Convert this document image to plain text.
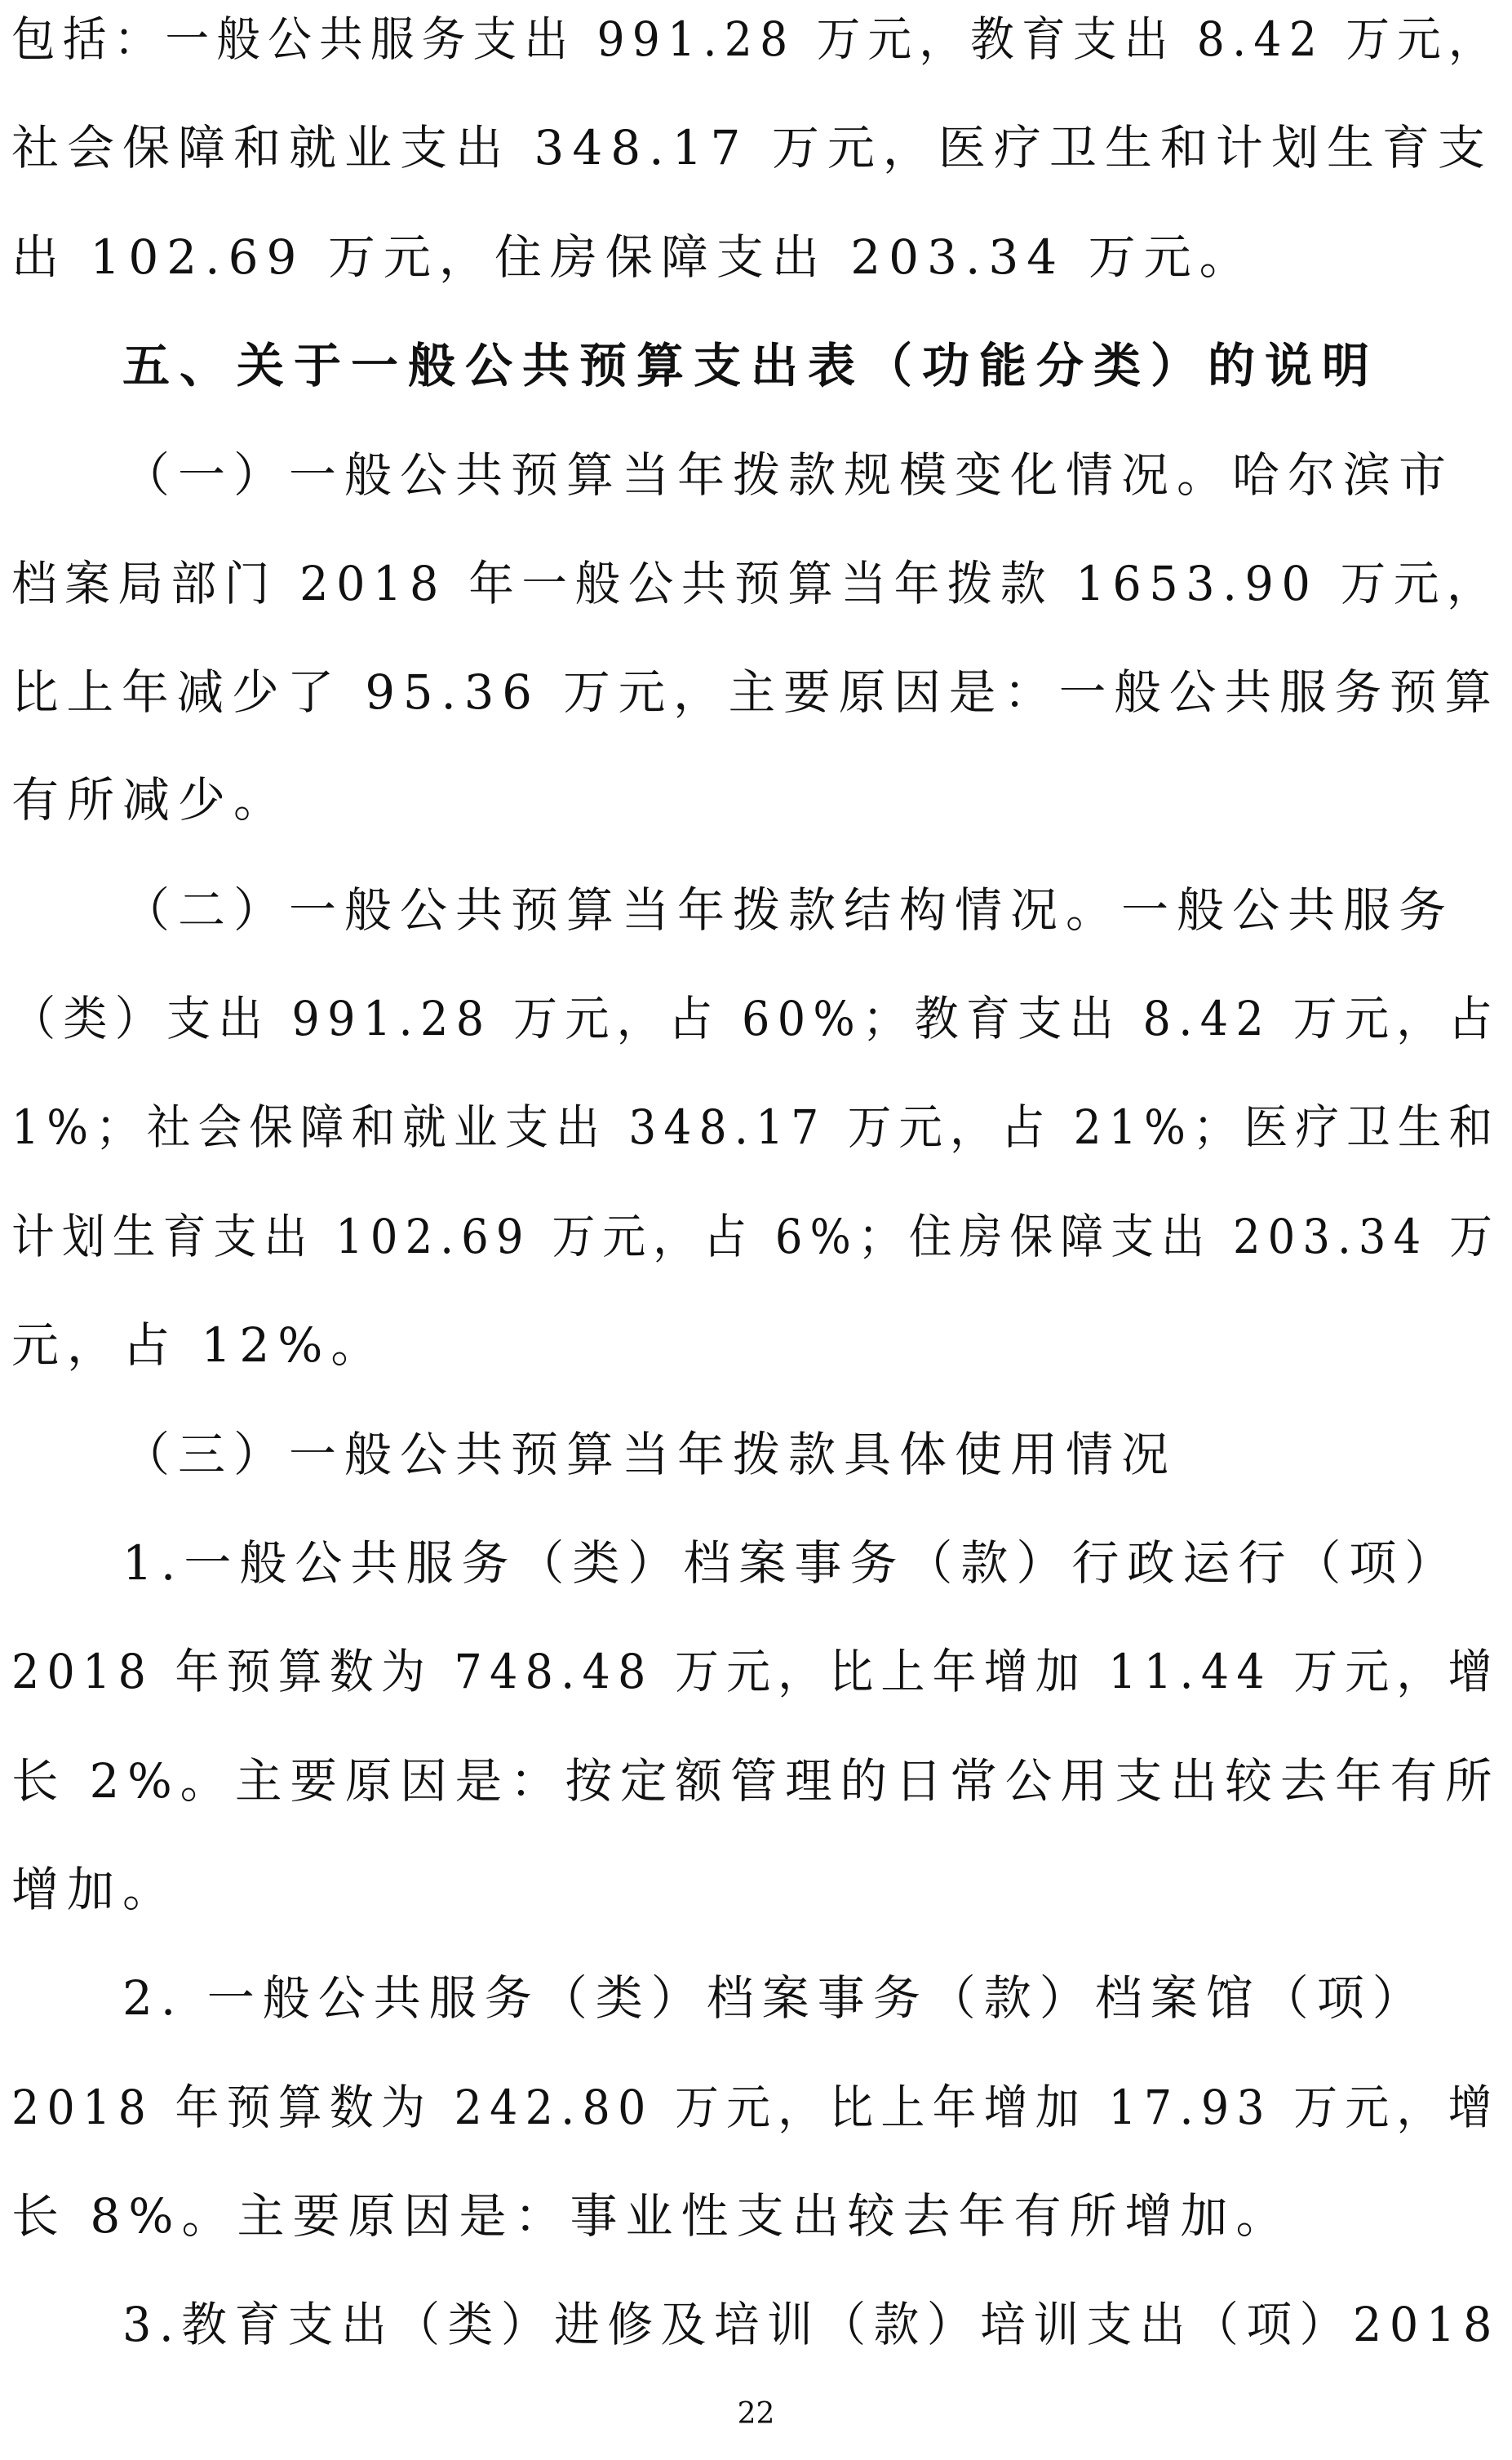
包括：一般公共服务支出 991.28 万元，教育支出 8.42 万元，
社会保障和就业支出 348.17 万元，医疗卫生和计划生育支
出 102.69 万元，住房保障支出 203.34 万元。
五、关于一般公共预算支出表（功能分类）的说明
（一）一般公共预算当年拨款规模变化情况。哈尔滨市
档案局部门 2018 年一般公共预算当年拨款 1653.90 万元，
比上年减少了 95.36 万元，主要原因是：一般公共服务预算
有所减少。
（二）一般公共预算当年拨款结构情况。一般公共服务
（类）支出 991.28 万元，占 60%；教育支出 8.42 万元，占
1%；社会保障和就业支出 348.17 万元，占 21%；医疗卫生和
计划生育支出 102.69 万元，占 6%；住房保障支出 203.34 万
元，占 12%。
（三）一般公共预算当年拨款具体使用情况
1.一般公共服务（类）档案事务（款）行政运行（项）
2018 年预算数为 748.48 万元，比上年增加 11.44 万元，增
长 2%。主要原因是：按定额管理的日常公用支出较去年有所
增加。
2. 一般公共服务（类）档案事务（款）档案馆（项）
2018 年预算数为 242.80 万元，比上年增加 17.93 万元，增
长 8%。主要原因是：事业性支出较去年有所增加。
3.教育支出（类）进修及培训（款）培训支出（项）2018
22
